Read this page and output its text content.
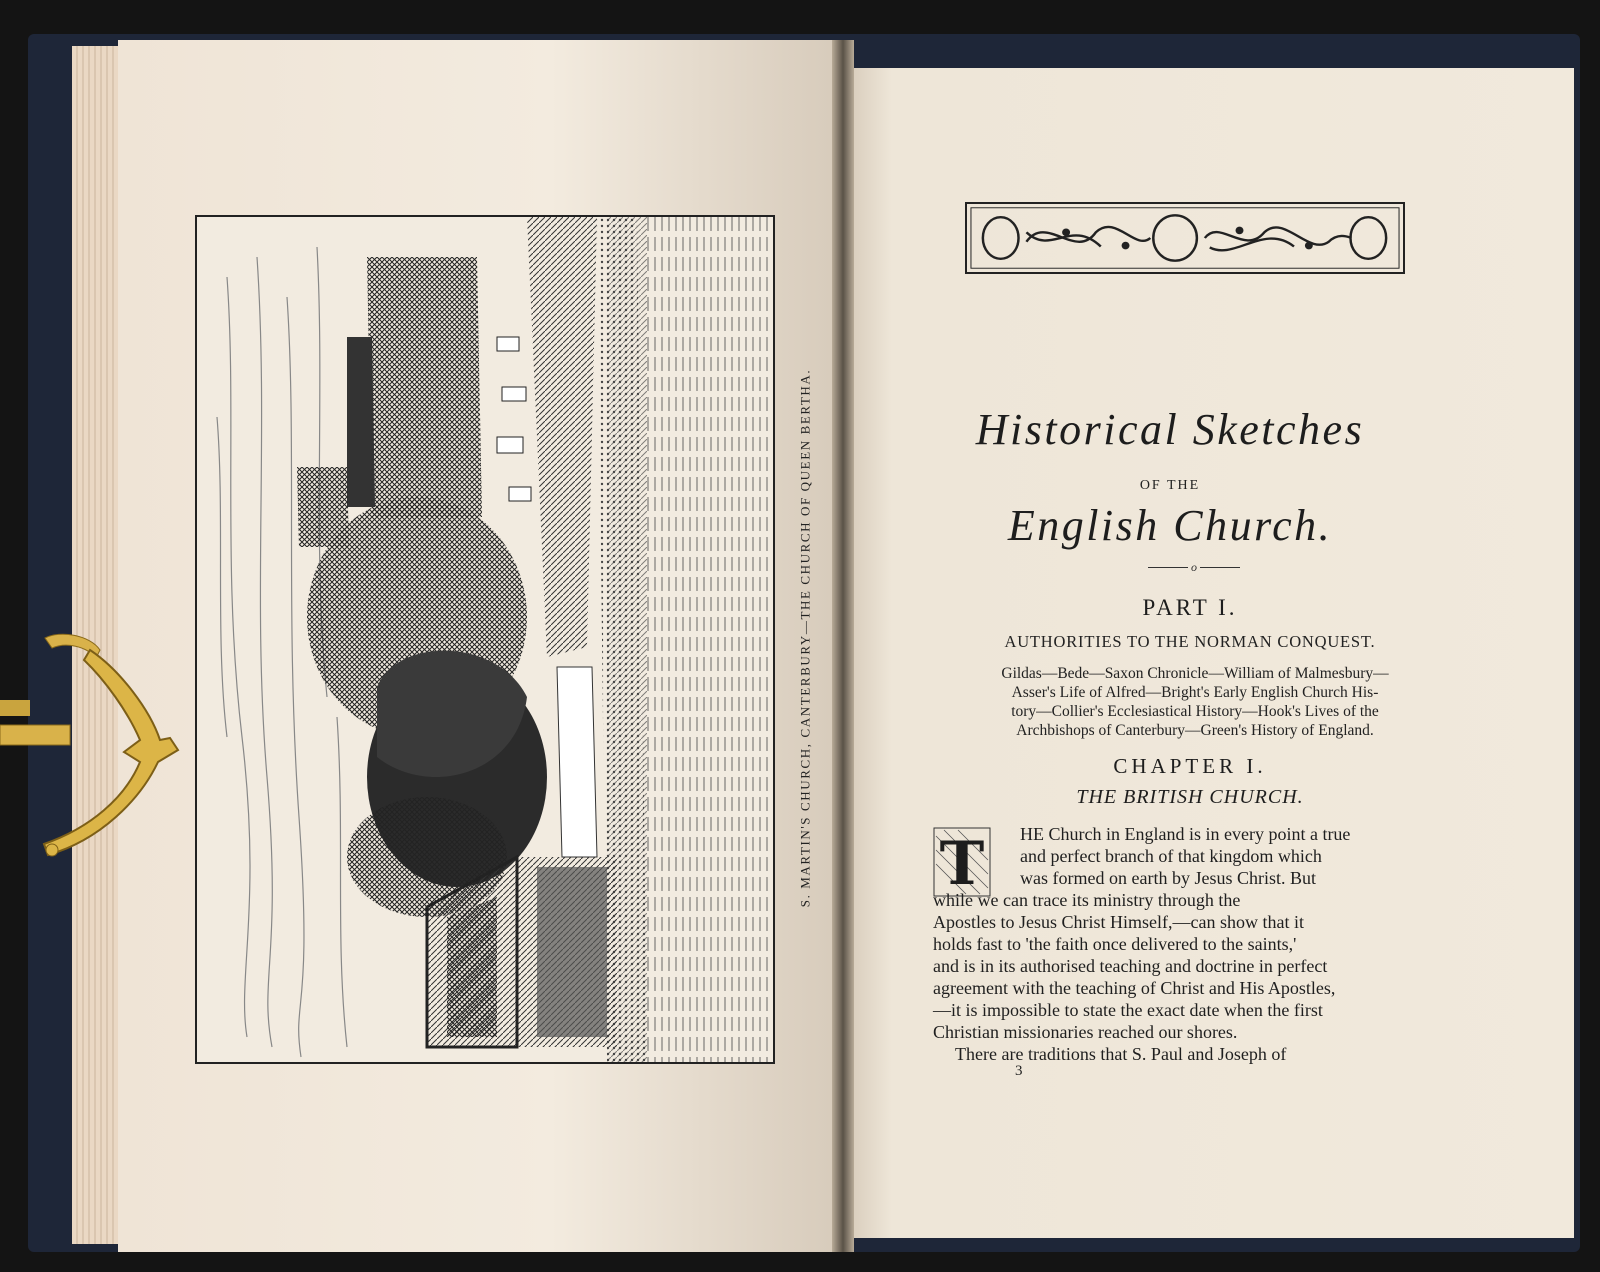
S. MARTIN'S CHURCH, CANTERBURY—THE CHURCH OF QUEEN BERTHA.	Historical Sketches
OF THE
English Church.
o
PART I.
AUTHORITIES TO THE NORMAN CONQUEST.
Gildas—Bede—Saxon Chronicle—William of Malmesbury—
Asser's Life of Alfred—Bright's Early English Church His-
tory—Collier's Ecclesiastical History—Hook's Lives of the
Archbishops of Canterbury—Green's History of England.
CHAPTER I.
THE BRITISH CHURCH.
T HE Church in England is in every point a true
and perfect branch of that kingdom which
was formed on earth by Jesus Christ. But
while we can trace its ministry through the
Apostles to Jesus Christ Himself,—can show that it
holds fast to 'the faith once delivered to the saints,'
and is in its authorised teaching and doctrine in perfect
agreement with the teaching of Christ and His Apostles,
—it is impossible to state the exact date when the first
Christian missionaries reached our shores.
There are traditions that S. Paul and Joseph of
3
